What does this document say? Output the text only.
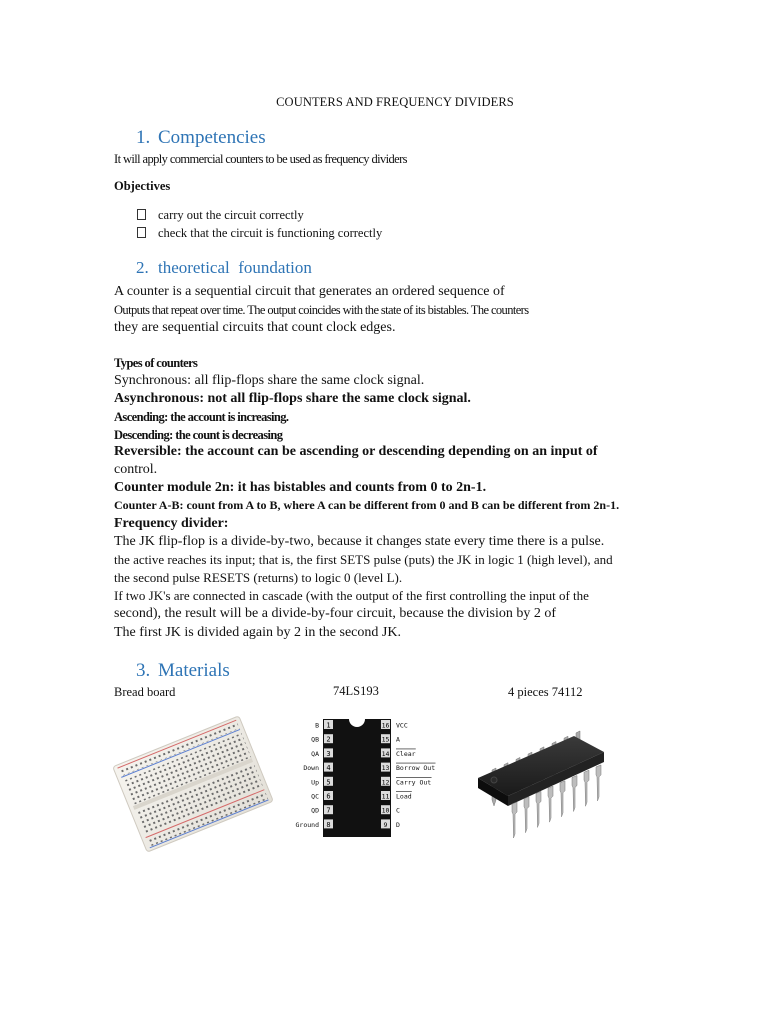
COUNTERS AND FREQUENCY DIVIDERS
1. Competencies
It will apply commercial counters to be used as frequency dividers
Objectives
carry out the circuit correctly
check that the circuit is functioning correctly
2. theoretical  foundation
A counter is a sequential circuit that generates an ordered sequence of
Outputs that repeat over time. The output coincides with the state of its bistables. The counters
they are sequential circuits that count clock edges.
Types of counters
Synchronous: all flip-flops share the same clock signal.
Asynchronous: not all flip-flops share the same clock signal.
Ascending: the account is increasing.
Descending: the count is decreasing
Reversible: the account can be ascending or descending depending on an input of
control.
Counter module 2n: it has bistables and counts from 0 to 2n-1.
Counter A-B: count from A to B, where A can be different from 0 and B can be different from 2n-1.
Frequency divider:
The JK flip-flop is a divide-by-two, because it changes state every time there is a pulse.
the active reaches its input; that is, the first SETS pulse (puts) the JK in logic 1 (high level), and
the second pulse RESETS (returns) to logic 0 (level L).
If two JK's are connected in cascade (with the output of the first controlling the input of the
second), the result will be a divide-by-four circuit, because the division by 2 of
The first JK is divided again by 2 in the second JK.
3. Materials
Bread board	74LS193	4 pieces 74112
1
B
2
QB
3
QA
4
Down
5
Up
6
QC
7
QD
8
Ground
16 VCC
15 A
14 Clear
13 Borrow Out
12 Carry Out
11 Load
10 C
9 D
